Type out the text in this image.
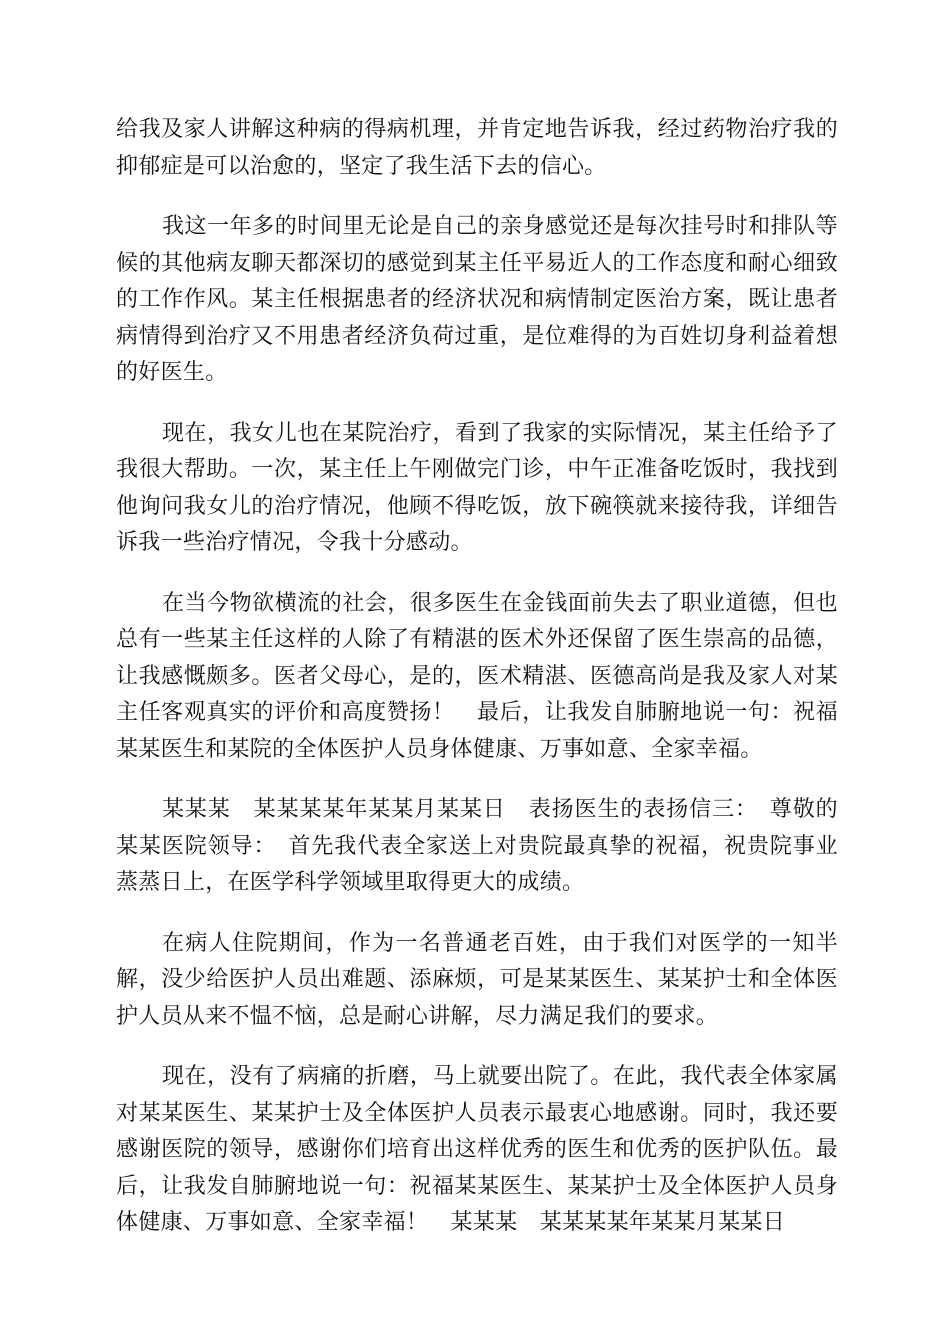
给我及家人讲解这种病的得病机理，并肯定地告诉我，经过药物治疗我的抑郁症是可以治愈的，坚定了我生活下去的信心。

我这一年多的时间里无论是自己的亲身感觉还是每次挂号时和排队等候的其他病友聊天都深切的感觉到某主任平易近人的工作态度和耐心细致的工作作风。某主任根据患者的经济状况和病情制定医治方案，既让患者病情得到治疗又不用患者经济负荷过重，是位难得的为百姓切身利益着想的好医生。

现在，我女儿也在某院治疗，看到了我家的实际情况，某主任给予了我很大帮助。一次，某主任上午刚做完门诊，中午正准备吃饭时，我找到他询问我女儿的治疗情况，他顾不得吃饭，放下碗筷就来接待我，详细告诉我一些治疗情况，令我十分感动。

在当今物欲横流的社会，很多医生在金钱面前失去了职业道德，但也总有一些某主任这样的人除了有精湛的医术外还保留了医生崇高的品德，让我感慨颇多。医者父母心，是的，医术精湛、医德高尚是我及家人对某主任客观真实的评价和高度赞扬！　最后，让我发自肺腑地说一句：祝福某某医生和某院的全体医护人员身体健康、万事如意、全家幸福。

某某某　某某某某年某某月某某日　表扬医生的表扬信三：　尊敬的某某医院领导：　首先我代表全家送上对贵院最真挚的祝福，祝贵院事业蒸蒸日上，在医学科学领域里取得更大的成绩。

在病人住院期间，作为一名普通老百姓，由于我们对医学的一知半解，没少给医护人员出难题、添麻烦，可是某某医生、某某护士和全体医护人员从来不愠不恼，总是耐心讲解，尽力满足我们的要求。

现在，没有了病痛的折磨，马上就要出院了。在此，我代表全体家属对某某医生、某某护士及全体医护人员表示最衷心地感谢。同时，我还要感谢医院的领导，感谢你们培育出这样优秀的医生和优秀的医护队伍。最后，让我发自肺腑地说一句：祝福某某医生、某某护士及全体医护人员身体健康、万事如意、全家幸福！　某某某　某某某某年某某月某某日
